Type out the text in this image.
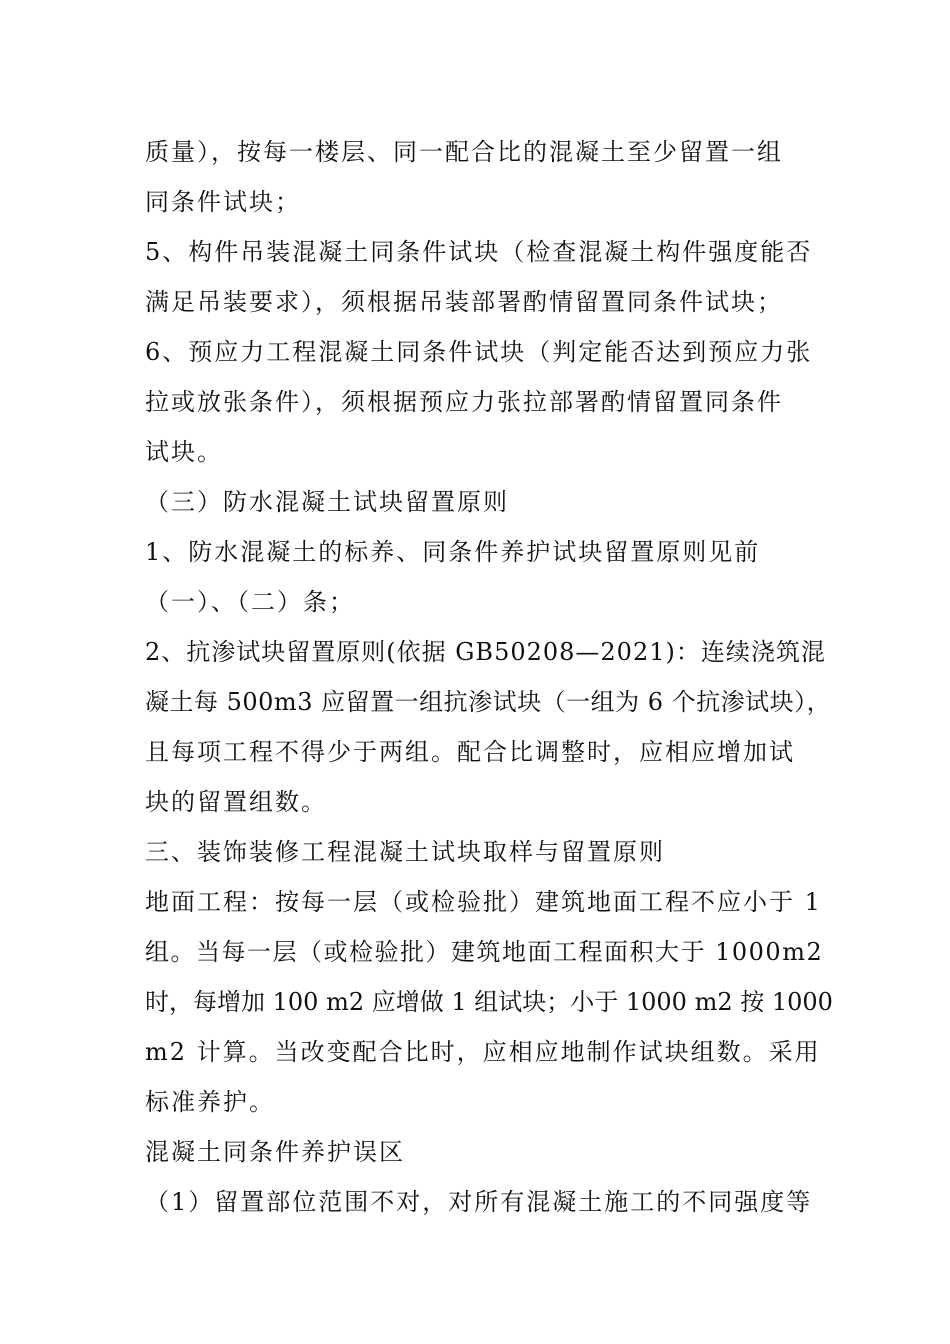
质量），按每一楼层、同一配合比的混凝土至少留置一组
同条件试块；
5、构件吊装混凝土同条件试块（检查混凝土构件强度能否
满足吊装要求），须根据吊装部署酌情留置同条件试块；
6、预应力工程混凝土同条件试块（判定能否达到预应力张
拉或放张条件），须根据预应力张拉部署酌情留置同条件
试块。
（三）防水混凝土试块留置原则
1、防水混凝土的标养、同条件养护试块留置原则见前
（一）、（二）条；
2、抗渗试块留置原则(依据 GB50208—2021)：连续浇筑混
凝土每 500m3 应留置一组抗渗试块（一组为 6 个抗渗试块），
且每项工程不得少于两组。配合比调整时，应相应增加试
块的留置组数。
三、装饰装修工程混凝土试块取样与留置原则
地面工程：按每一层（或检验批）建筑地面工程不应小于 1
组。当每一层（或检验批）建筑地面工程面积大于 1000m2
时，每增加 100 m2 应增做 1 组试块；小于 1000 m2 按 1000
m2 计算。当改变配合比时，应相应地制作试块组数。采用
标准养护。
混凝土同条件养护误区
（1）留置部位范围不对，对所有混凝土施工的不同强度等
